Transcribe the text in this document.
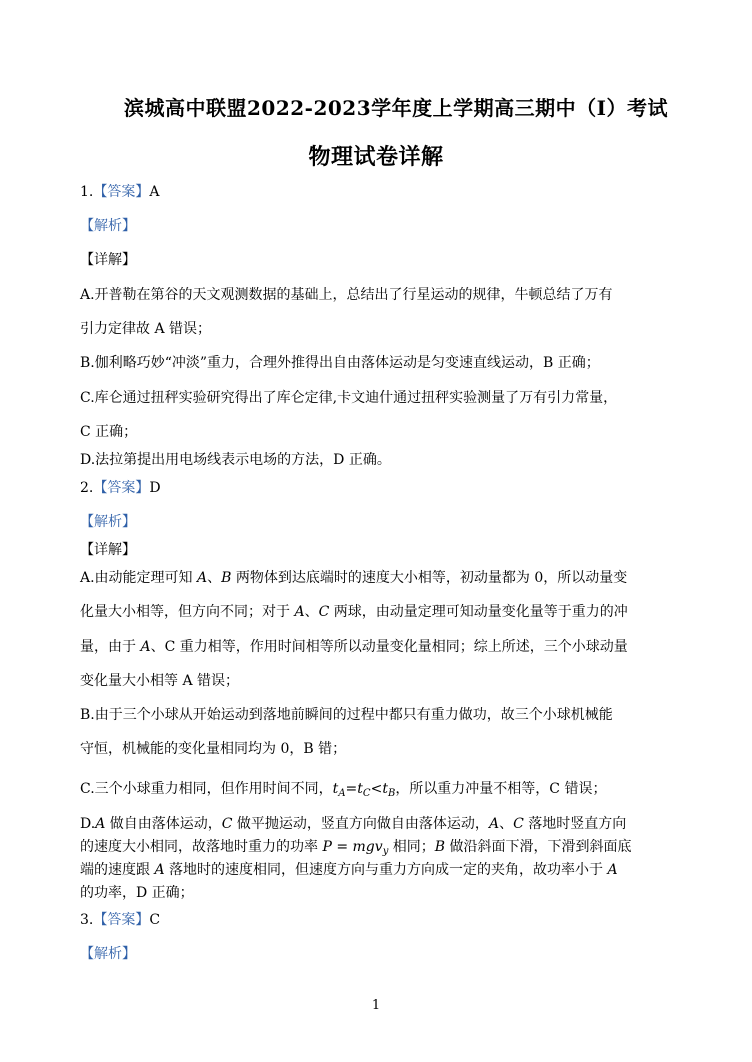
滨城高中联盟2022-2023学年度上学期高三期中（Ⅰ）考试
物理试卷详解
1.【答案】A
【解析】
【详解】
A.开普勒在第谷的天文观测数据的基础上，总结出了行星运动的规律，牛顿总结了万有
引力定律故 A 错误；
B.伽利略巧妙“冲淡”重力，合理外推得出自由落体运动是匀变速直线运动，B 正确；
C.库仑通过扭秤实验研究得出了库仑定律,卡文迪什通过扭秤实验测量了万有引力常量，
C 正确；
D.法拉第提出用电场线表示电场的方法，D 正确。
2.【答案】D
【解析】
【详解】
A.由动能定理可知 A、B 两物体到达底端时的速度大小相等，初动量都为 0，所以动量变
化量大小相等，但方向不同；对于 A、C 两球，由动量定理可知动量变化量等于重力的冲
量，由于 A、C 重力相等，作用时间相等所以动量变化量相同；综上所述，三个小球动量
变化量大小相等 A 错误；
B.由于三个小球从开始运动到落地前瞬间的过程中都只有重力做功，故三个小球机械能
守恒，机械能的变化量相同均为 0，B 错；
C.三个小球重力相同，但作用时间不同，$t_A=t_C<t_B$，所以重力冲量不相等，C 错误；
D.A 做自由落体运动，C 做平抛运动，竖直方向做自由落体运动，A、C 落地时竖直方向
的速度大小相同，故落地时重力的功率 P = mgv$_y$ 相同；B 做沿斜面下滑，下滑到斜面底
端的速度跟 A 落地时的速度相同，但速度方向与重力方向成一定的夹角，故功率小于 A
的功率，D 正确；
3.【答案】C
【解析】
1
